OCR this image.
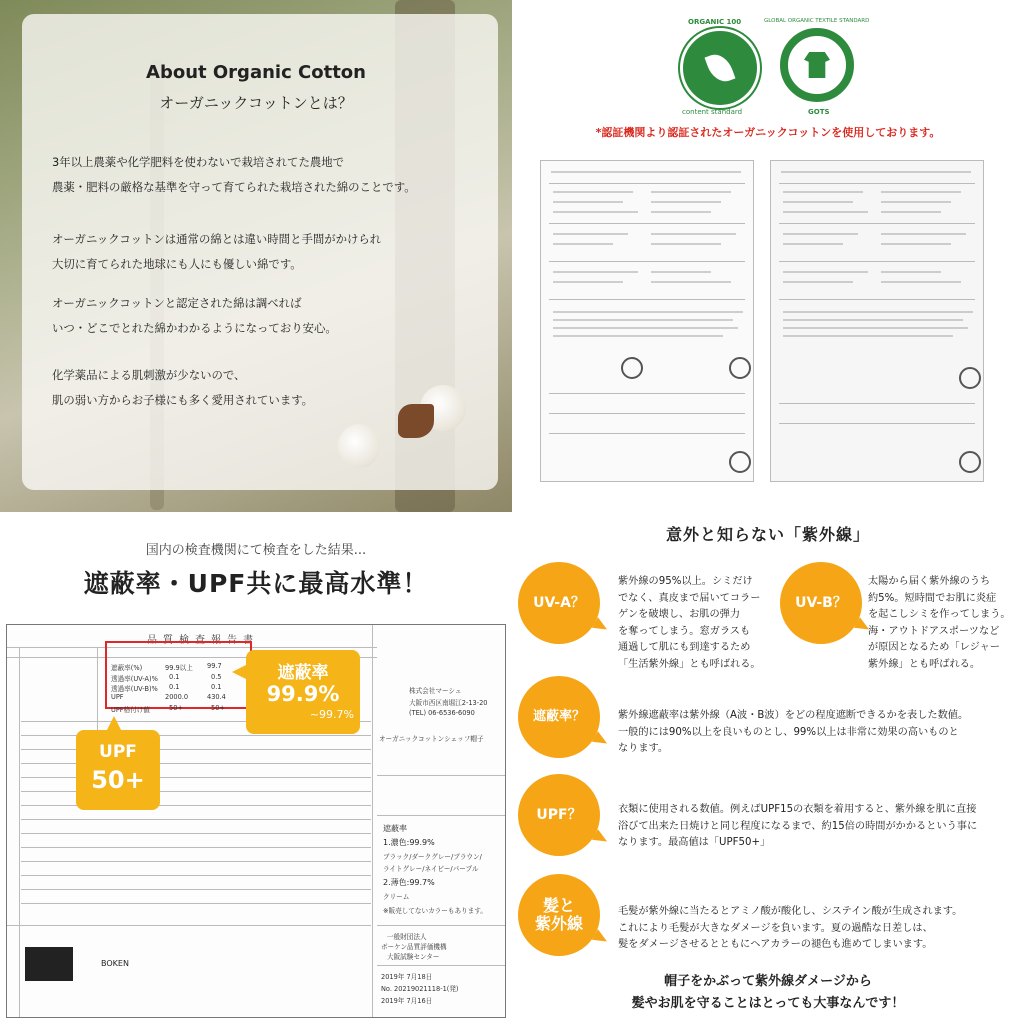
About Organic Cotton
オーガニックコットンとは？
3年以上農薬や化学肥料を使わないで栽培されてた農地で
農薬・肥料の厳格な基準を守って育てられた栽培された綿のことです。
オーガニックコットンは通常の綿とは違い時間と手間がかけられ
大切に育てられた地球にも人にも優しい綿です。
オーガニックコットンと認定された綿は調べれば
いつ・どこでとれた綿かわかるようになっており安心。
化学薬品による肌刺激が少ないので、
肌の弱い方からお子様にも多く愛用されています。
ORGANIC 100
content standard
GLOBAL ORGANIC TEXTILE STANDARD
GOTS
*認証機関より認証されたオーガニックコットンを使用しております。
国内の検査機関にて検査をした結果...
遮蔽率・UPF共に最高水準！
品質検査報告書
遮蔽率(%)	99.9以上 99.7
透過率(UV-A)% 0.1	0.5
透過率(UV-B)% 0.1	0.1
UPF	2000.0	430.4
UPF格付け値	50+	50+
株式会社マーシュ
大阪市西区南堀江2-13-20
(TEL) 06-6536-6090
オーガニックコットンシェッフ帽子
遮蔽率
1.濃色:99.9%
ブラック/ダークグレー/ブラウン/
ライトグレー/ネイビー/パープル
2.薄色:99.7%
クリーム
※販売してないカラーもあります。
一般財団法人
ボーケン品質評価機構
大阪試験センター
2019年 7月18日
No. 20219021118-1(発)
2019年 7月16日
BOKEN
遮蔽率
99.9%
~99.7%
UPF
50+
意外と知らない「紫外線」
UV-A？
紫外線の95%以上。シミだけ
でなく、真皮まで届いてコラー
ゲンを破壊し、お肌の弾力
を奪ってしまう。窓ガラスも
通過して肌にも到達するため
「生活紫外線」とも呼ばれる。
UV-B？
太陽から届く紫外線のうち
約5%。短時間でお肌に炎症
を起こしシミを作ってしまう。
海・アウトドアスポーツなど
が原因となるため「レジャー
紫外線」とも呼ばれる。
遮蔽率？	紫外線遮蔽率は紫外線（A波・B波）をどの程度遮断できるかを表した数値。
一般的には90%以上を良いものとし、99%以上は非常に効果の高いものと
なります。
UPF？	衣類に使用される数値。例えばUPF15の衣類を着用すると、紫外線を肌に直接
浴びて出来た日焼けと同じ程度になるまで、約15倍の時間がかかるという事に
なります。最高値は「UPF50+」
髪と
紫外線
毛髪が紫外線に当たるとアミノ酸が酸化し、システイン酸が生成されます。
これにより毛髪が大きなダメージを負います。夏の過酷な日差しは、
髪をダメージさせるとともにヘアカラーの褪色も進めてしまいます。
帽子をかぶって紫外線ダメージから
髪やお肌を守ることはとっても大事なんです！
